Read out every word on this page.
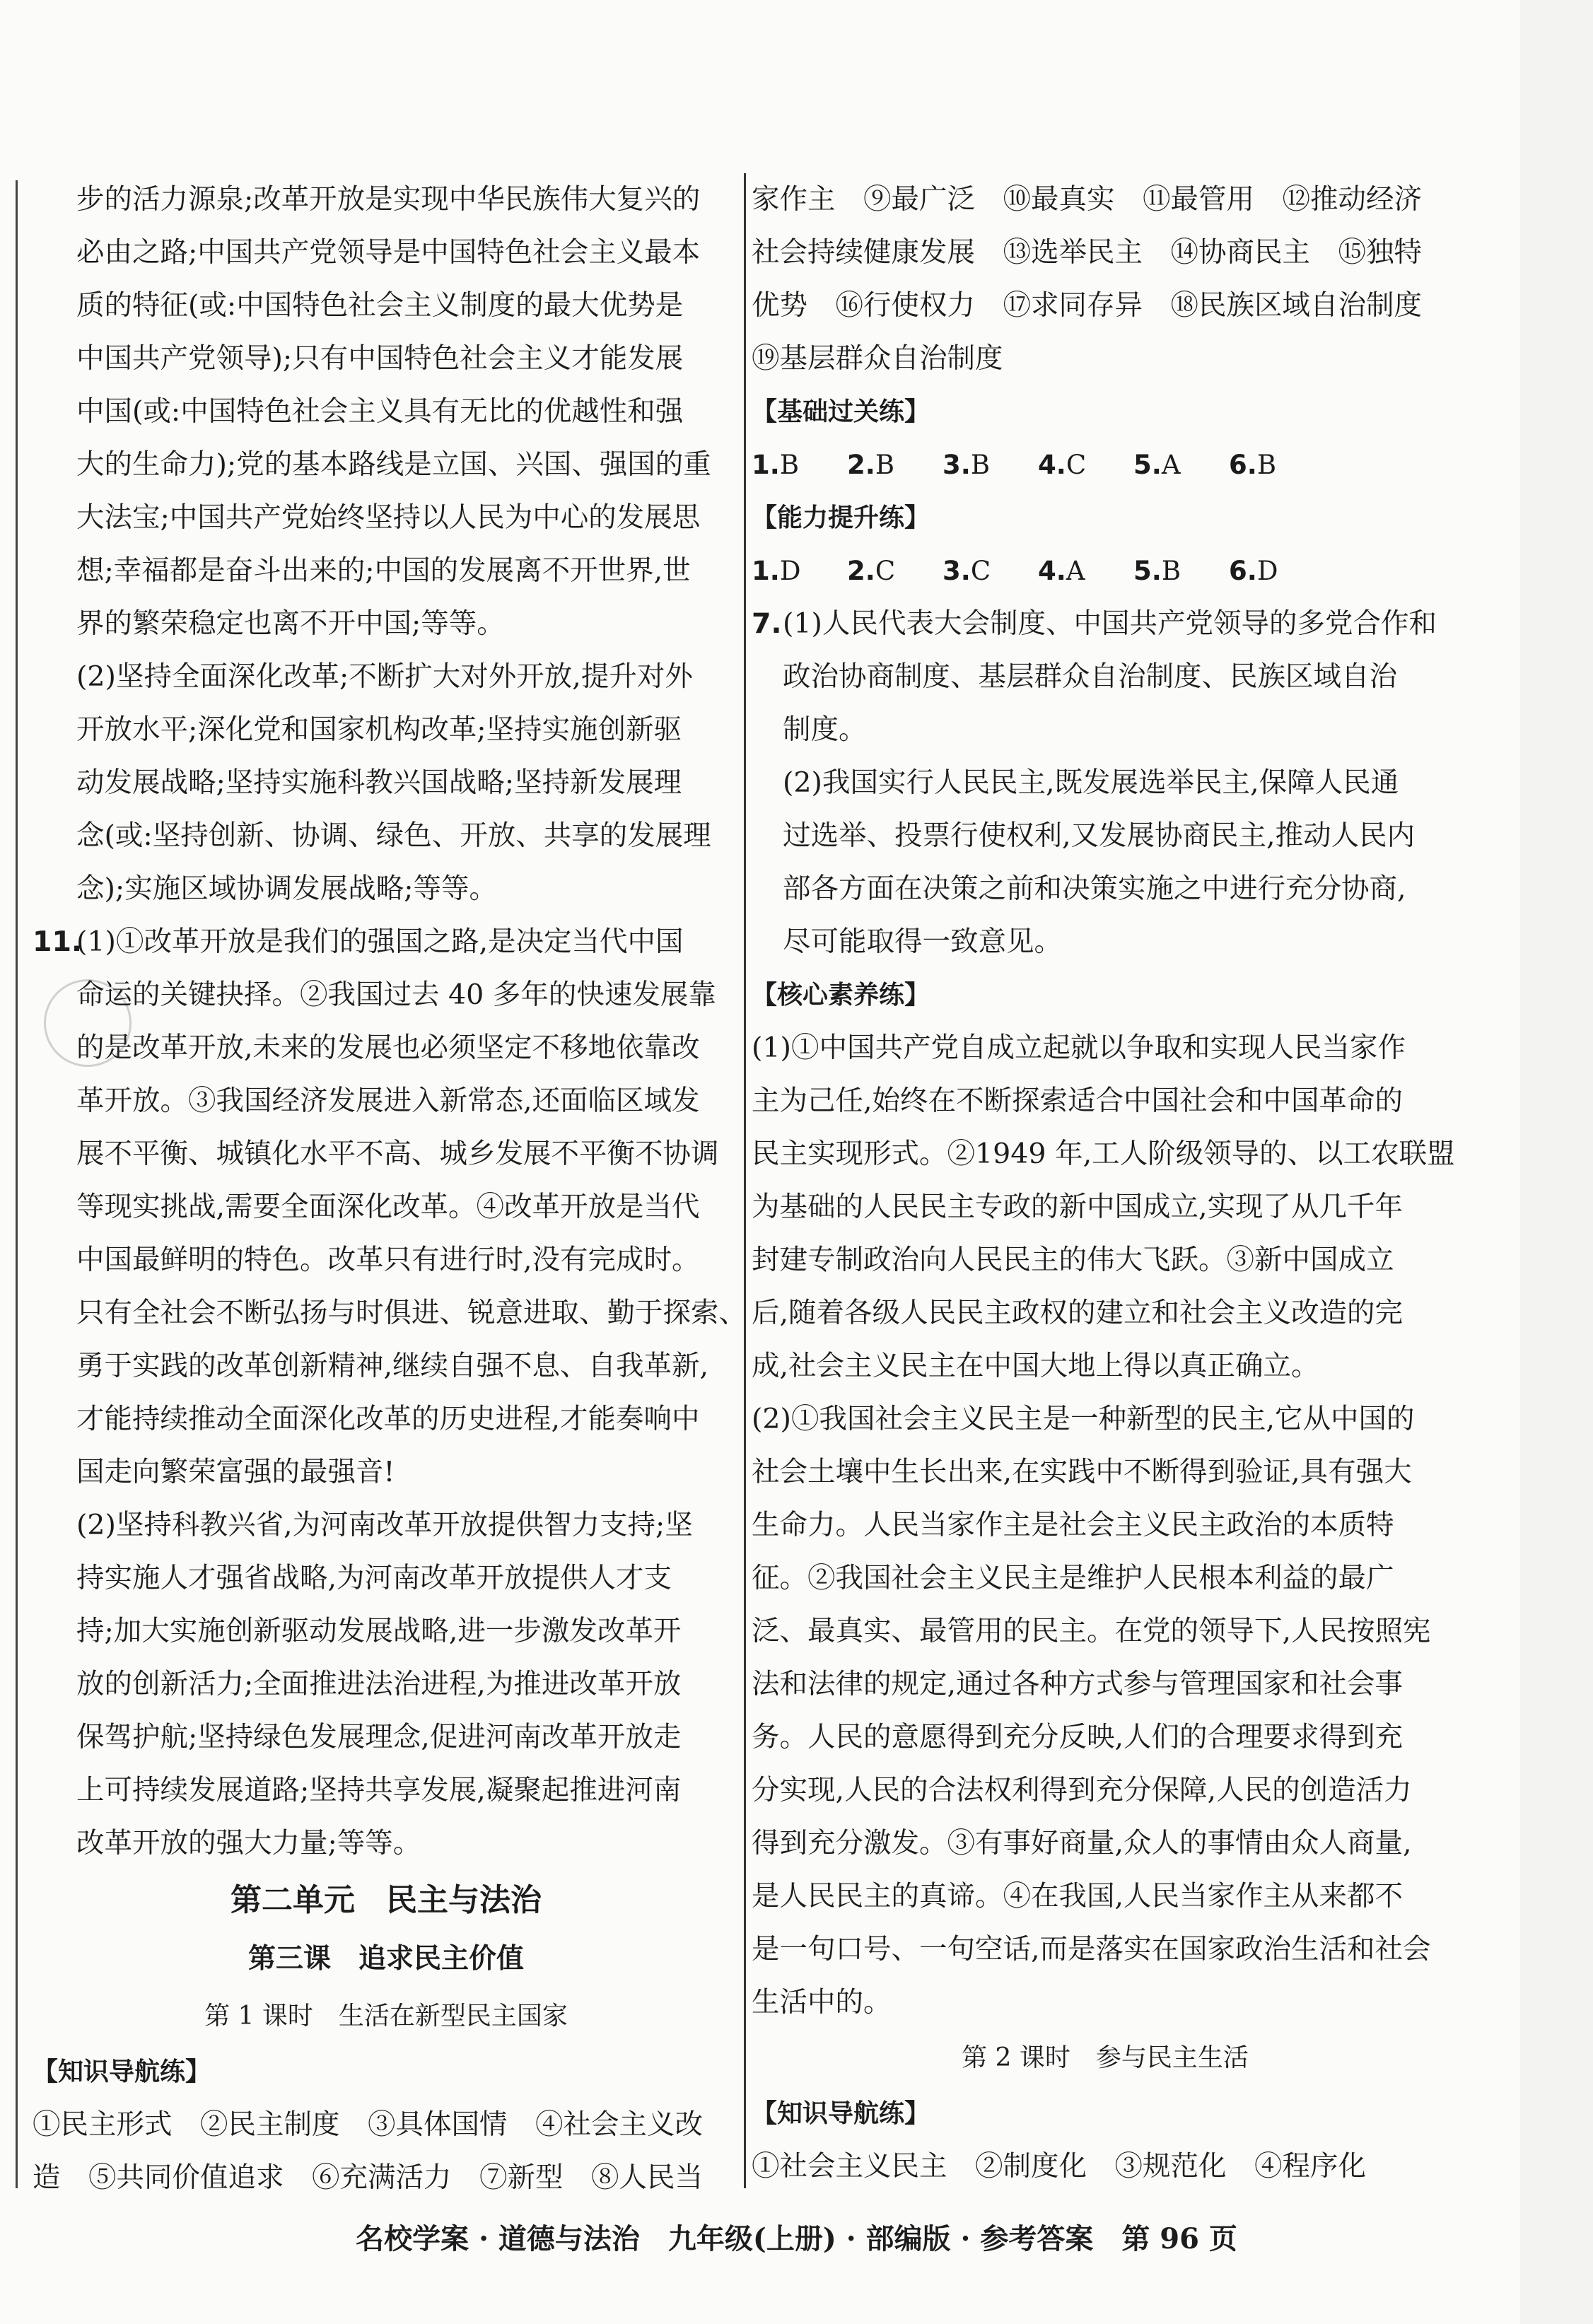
步的活力源泉;改革开放是实现中华民族伟大复兴的

必由之路;中国共产党领导是中国特色社会主义最本

质的特征(或:中国特色社会主义制度的最大优势是

中国共产党领导);只有中国特色社会主义才能发展

中国(或:中国特色社会主义具有无比的优越性和强

大的生命力);党的基本路线是立国、兴国、强国的重

大法宝;中国共产党始终坚持以人民为中心的发展思

想;幸福都是奋斗出来的;中国的发展离不开世界,世

界的繁荣稳定也离不开中国;等等。

(2)坚持全面深化改革;不断扩大对外开放,提升对外

开放水平;深化党和国家机构改革;坚持实施创新驱

动发展战略;坚持实施科教兴国战略;坚持新发展理

念(或:坚持创新、协调、绿色、开放、共享的发展理

念);实施区域协调发展战略;等等。

11.(1)①改革开放是我们的强国之路,是决定当代中国

命运的关键抉择。②我国过去 40 多年的快速发展靠

的是改革开放,未来的发展也必须坚定不移地依靠改

革开放。③我国经济发展进入新常态,还面临区域发

展不平衡、城镇化水平不高、城乡发展不平衡不协调

等现实挑战,需要全面深化改革。④改革开放是当代

中国最鲜明的特色。改革只有进行时,没有完成时。

只有全社会不断弘扬与时俱进、锐意进取、勤于探索、

勇于实践的改革创新精神,继续自强不息、自我革新,

才能持续推动全面深化改革的历史进程,才能奏响中

国走向繁荣富强的最强音!

(2)坚持科教兴省,为河南改革开放提供智力支持;坚

持实施人才强省战略,为河南改革开放提供人才支

持;加大实施创新驱动发展战略,进一步激发改革开

放的创新活力;全面推进法治进程,为推进改革开放

保驾护航;坚持绿色发展理念,促进河南改革开放走

上可持续发展道路;坚持共享发展,凝聚起推进河南

改革开放的强大力量;等等。

第二单元　民主与法治

第三课　追求民主价值

第 1 课时　生活在新型民主国家

【知识导航练】

①民主形式　②民主制度　③具体国情　④社会主义改

造　⑤共同价值追求　⑥充满活力　⑦新型　⑧人民当

家作主　⑨最广泛　⑩最真实　⑪最管用　⑫推动经济

社会持续健康发展　⑬选举民主　⑭协商民主　⑮独特

优势　⑯行使权力　⑰求同存异　⑱民族区域自治制度

⑲基层群众自治制度

【基础过关练】

1.B 2.B 3.B 4.C 5.A 6.B

【能力提升练】

1.D 2.C 3.C 4.A 5.B 6.D

7.(1)人民代表大会制度、中国共产党领导的多党合作和

政治协商制度、基层群众自治制度、民族区域自治

制度。

(2)我国实行人民民主,既发展选举民主,保障人民通

过选举、投票行使权利,又发展协商民主,推动人民内

部各方面在决策之前和决策实施之中进行充分协商,

尽可能取得一致意见。

【核心素养练】

(1)①中国共产党自成立起就以争取和实现人民当家作

主为己任,始终在不断探索适合中国社会和中国革命的

民主实现形式。②1949 年,工人阶级领导的、以工农联盟

为基础的人民民主专政的新中国成立,实现了从几千年

封建专制政治向人民民主的伟大飞跃。③新中国成立

后,随着各级人民民主政权的建立和社会主义改造的完

成,社会主义民主在中国大地上得以真正确立。

(2)①我国社会主义民主是一种新型的民主,它从中国的

社会土壤中生长出来,在实践中不断得到验证,具有强大

生命力。人民当家作主是社会主义民主政治的本质特

征。②我国社会主义民主是维护人民根本利益的最广

泛、最真实、最管用的民主。在党的领导下,人民按照宪

法和法律的规定,通过各种方式参与管理国家和社会事

务。人民的意愿得到充分反映,人们的合理要求得到充

分实现,人民的合法权利得到充分保障,人民的创造活力

得到充分激发。③有事好商量,众人的事情由众人商量,

是人民民主的真谛。④在我国,人民当家作主从来都不

是一句口号、一句空话,而是落实在国家政治生活和社会

生活中的。

第 2 课时　参与民主生活

【知识导航练】

①社会主义民主　②制度化　③规范化　④程序化

名校学案 · 道德与法治　九年级(上册) · 部编版 · 参考答案　第 96 页
